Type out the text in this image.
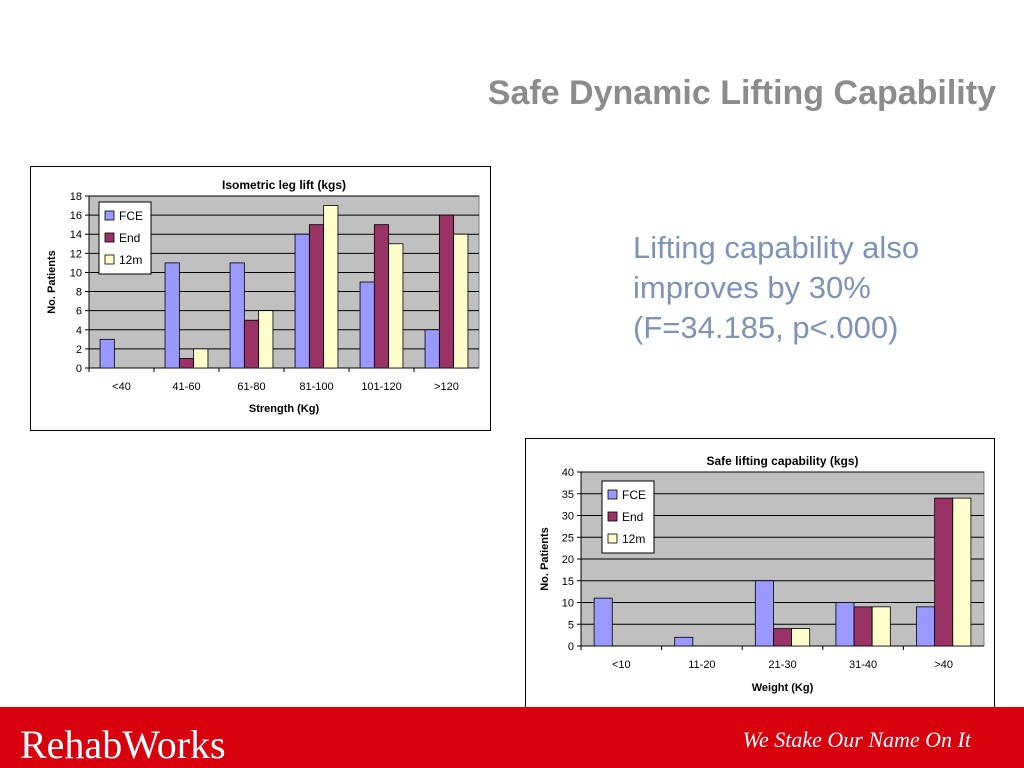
Safe Dynamic Lifting Capability
Lifting capability also improves by 30%(F=34.185, p<.000)
Isometric leg lift (kgs)
0
2
4
6
8
10
12
14
16
18
<40	41-60	61-80	81-100	101-120	>120
Strength (Kg)
No. Patients
FCE
End
12m
Safe lifting capability (kgs)
0
5
10
15
20
25
30
35
40
<10	11-20	21-30	31-40	>40
Weight (Kg)
No. Patients
FCE
End
12m
RehabWorks	We Stake Our Name On It
